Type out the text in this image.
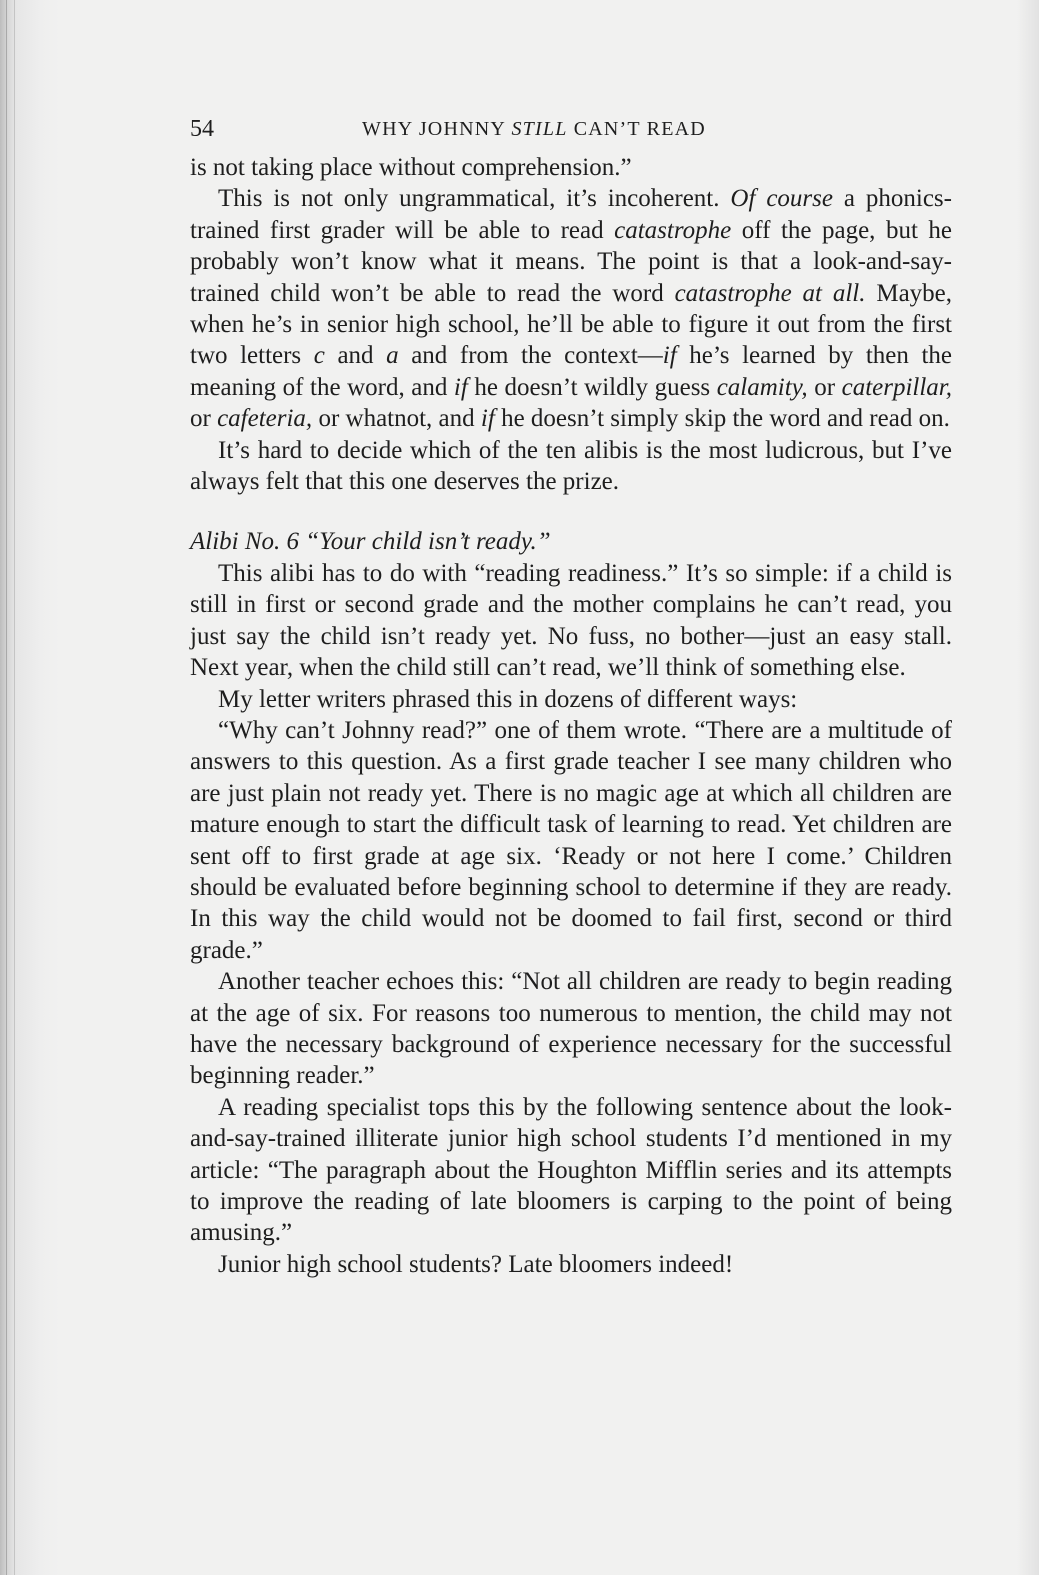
54	WHY JOHNNY STILL CAN’T READ

is not taking place without comprehension.”

This is not only ungrammatical, it’s incoherent. Of course a phonics-trained first grader will be able to read catastrophe off the page, but he probably won’t know what it means. The point is that a look-and-say-trained child won’t be able to read the word catastrophe at all. Maybe, when he’s in senior high school, he’ll be able to figure it out from the first two letters c and a and from the context—if he’s learned by then the meaning of the word, and if he doesn’t wildly guess calamity, or caterpillar, or cafeteria, or whatnot, and if he doesn’t simply skip the word and read on.

It’s hard to decide which of the ten alibis is the most ludicrous, but I’ve always felt that this one deserves the prize.

Alibi No. 6 “Your child isn’t ready.”

This alibi has to do with “reading readiness.” It’s so simple: if a child is still in first or second grade and the mother complains he can’t read, you just say the child isn’t ready yet. No fuss, no bother—just an easy stall. Next year, when the child still can’t read, we’ll think of something else.

My letter writers phrased this in dozens of different ways:

“Why can’t Johnny read?” one of them wrote. “There are a multitude of answers to this question. As a first grade teacher I see many children who are just plain not ready yet. There is no magic age at which all children are mature enough to start the difficult task of learning to read. Yet children are sent off to first grade at age six. ‘Ready or not here I come.’ Children should be evaluated before beginning school to determine if they are ready. In this way the child would not be doomed to fail first, second or third grade.”

Another teacher echoes this: “Not all children are ready to begin reading at the age of six. For reasons too numerous to mention, the child may not have the necessary background of experience necessary for the successful beginning reader.”

A reading specialist tops this by the following sentence about the look-and-say-trained illiterate junior high school students I’d mentioned in my article: “The paragraph about the Houghton Mifflin series and its attempts to improve the reading of late bloomers is carping to the point of being amusing.”

Junior high school students? Late bloomers indeed!
